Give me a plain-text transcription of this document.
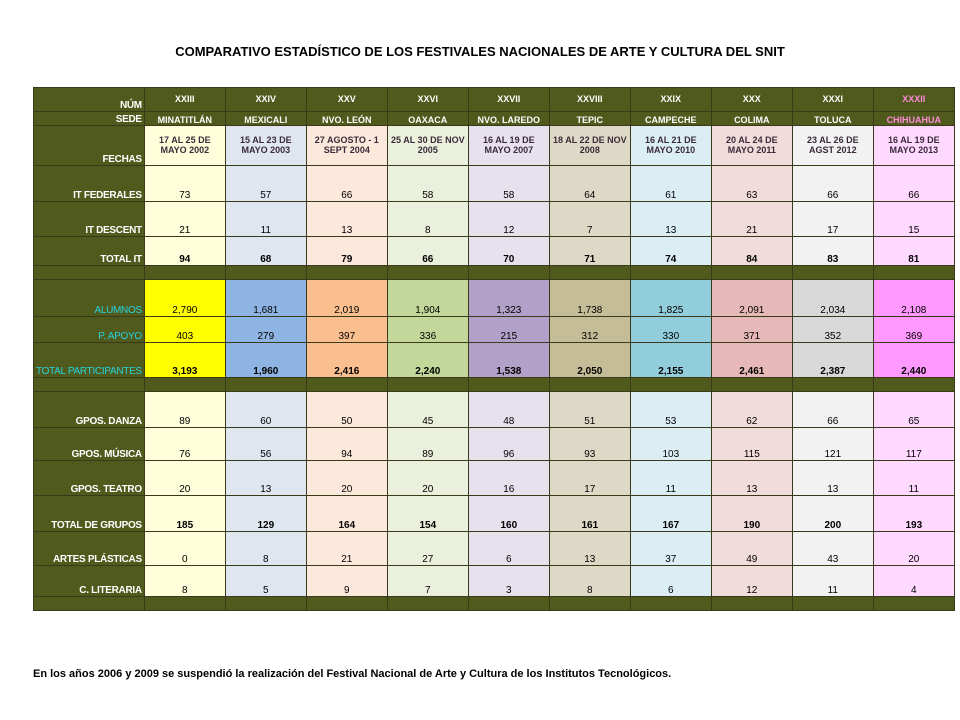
COMPARATIVO ESTADÍSTICO DE LOS FESTIVALES NACIONALES DE ARTE Y CULTURA DEL SNIT
NÚM	XXIII	XXIV	XXV	XXVI	XXVII	XXVIII	XXIX	XXX	XXXI	XXXII
SEDE	MINATITLÁN	MEXICALI	NVO. LEÓN	OAXACA	NVO. LAREDO	TEPIC	CAMPECHE	COLIMA	TOLUCA	CHIHUAHUA
FECHAS	17 AL 25 DE MAYO 2002	15 AL 23 DE MAYO 2003	27 AGOSTO - 1 SEPT 2004	25 AL 30 DE NOV 2005	16 AL 19 DE MAYO 2007	18 AL 22 DE NOV 2008	16 AL 21 DE MAYO 2010	20 AL 24 DE MAYO 2011	23 AL 26 DE AGST 2012	16 AL 19 DE MAYO 2013
IT FEDERALES	73	57	66	58	58	64	61	63	66	66
IT DESCENT	21	11	13	8	12	7	13	21	17	15
TOTAL IT	94	68	79	66	70	71	74	84	83	81

ALUMNOS	2,790	1,681	2,019	1,904	1,323	1,738	1,825	2,091	2,034	2,108
P. APOYO	403	279	397	336	215	312	330	371	352	369
TOTAL PARTICIPANTES	3,193	1,960	2,416	2,240	1,538	2,050	2,155	2,461	2,387	2,440

GPOS. DANZA	89	60	50	45	48	51	53	62	66	65
GPOS. MÚSICA	76	56	94	89	96	93	103	115	121	117
GPOS. TEATRO	20	13	20	20	16	17	11	13	13	11
TOTAL DE GRUPOS	185	129	164	154	160	161	167	190	200	193
ARTES PLÁSTICAS	0	8	21	27	6	13	37	49	43	20
C. LITERARIA	8	5	9	7	3	8	6	12	11	4

En los años 2006 y 2009 se suspendió la realización del Festival Nacional de Arte y Cultura de los Institutos Tecnológicos.
